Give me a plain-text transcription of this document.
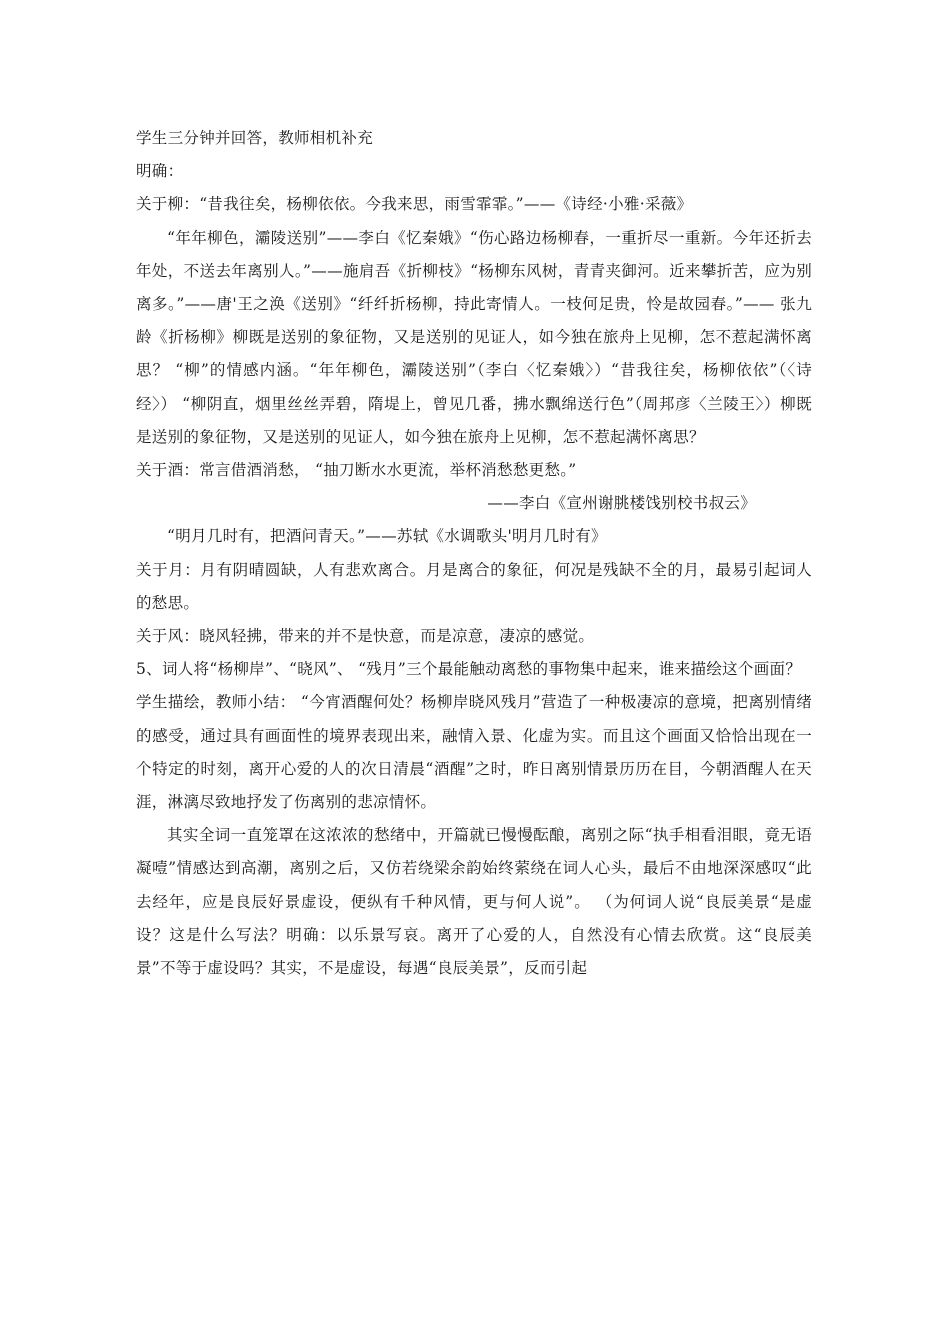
学生三分钟并回答，教师相机补充

明确：

关于柳：“昔我往矣，杨柳依依。今我来思，雨雪霏霏。”——《诗经·小雅·采薇》

“年年柳色，灞陵送别”——李白《忆秦娥》“伤心路边杨柳春，一重折尽一重新。今年还折去年处，不送去年离别人。”——施肩吾《折柳枝》“杨柳东风树，青青夹御河。近来攀折苦，应为别离多。”——唐'王之涣《送别》“纤纤折杨柳，持此寄情人。一枝何足贵，怜是故园春。”—— 张九龄《折杨柳》柳既是送别的象征物，又是送别的见证人，如今独在旅舟上见柳，怎不惹起满怀离思？ “柳”的情感内涵。“年年柳色，灞陵送别”（李白〈忆秦娥〉）“昔我往矣，杨柳依依”（〈诗经〉） “柳阴直，烟里丝丝弄碧，隋堤上，曾见几番，拂水飘绵送行色”（周邦彦〈兰陵王〉）柳既是送别的象征物，又是送别的见证人，如今独在旅舟上见柳，怎不惹起满怀离思？

关于酒：常言借酒消愁， “抽刀断水水更流，举杯消愁愁更愁。”

——李白《宣州谢朓楼饯别校书叔云》

“明月几时有，把酒问青天。”——苏轼《水调歌头'明月几时有》

关于月：月有阴晴圆缺，人有悲欢离合。月是离合的象征，何况是残缺不全的月，最易引起词人的愁思。

关于风：晓风轻拂，带来的并不是快意，而是凉意，凄凉的感觉。

5、词人将“杨柳岸”、“晓风”、 “残月”三个最能触动离愁的事物集中起来，谁来描绘这个画面？

学生描绘，教师小结： “今宵酒醒何处？杨柳岸晓风残月”营造了一种极凄凉的意境，把离别情绪的感受，通过具有画面性的境界表现出来，融情入景、化虚为实。而且这个画面又恰恰出现在一个特定的时刻，离开心爱的人的次日清晨“酒醒”之时，昨日离别情景历历在目，今朝酒醒人在天涯，淋漓尽致地抒发了伤离别的悲凉情怀。

其实全词一直笼罩在这浓浓的愁绪中，开篇就已慢慢酝酿，离别之际“执手相看泪眼，竟无语凝噎”情感达到高潮，离别之后，又仿若绕梁余韵始终萦绕在词人心头，最后不由地深深感叹“此去经年，应是良辰好景虚设，便纵有千种风情，更与何人说”。 （为何词人说“良辰美景“是虚设？这是什么写法？明确：以乐景写哀。离开了心爱的人，自然没有心情去欣赏。这“良辰美景”不等于虚设吗？其实，不是虚设，每遇“良辰美景”，反而引起
